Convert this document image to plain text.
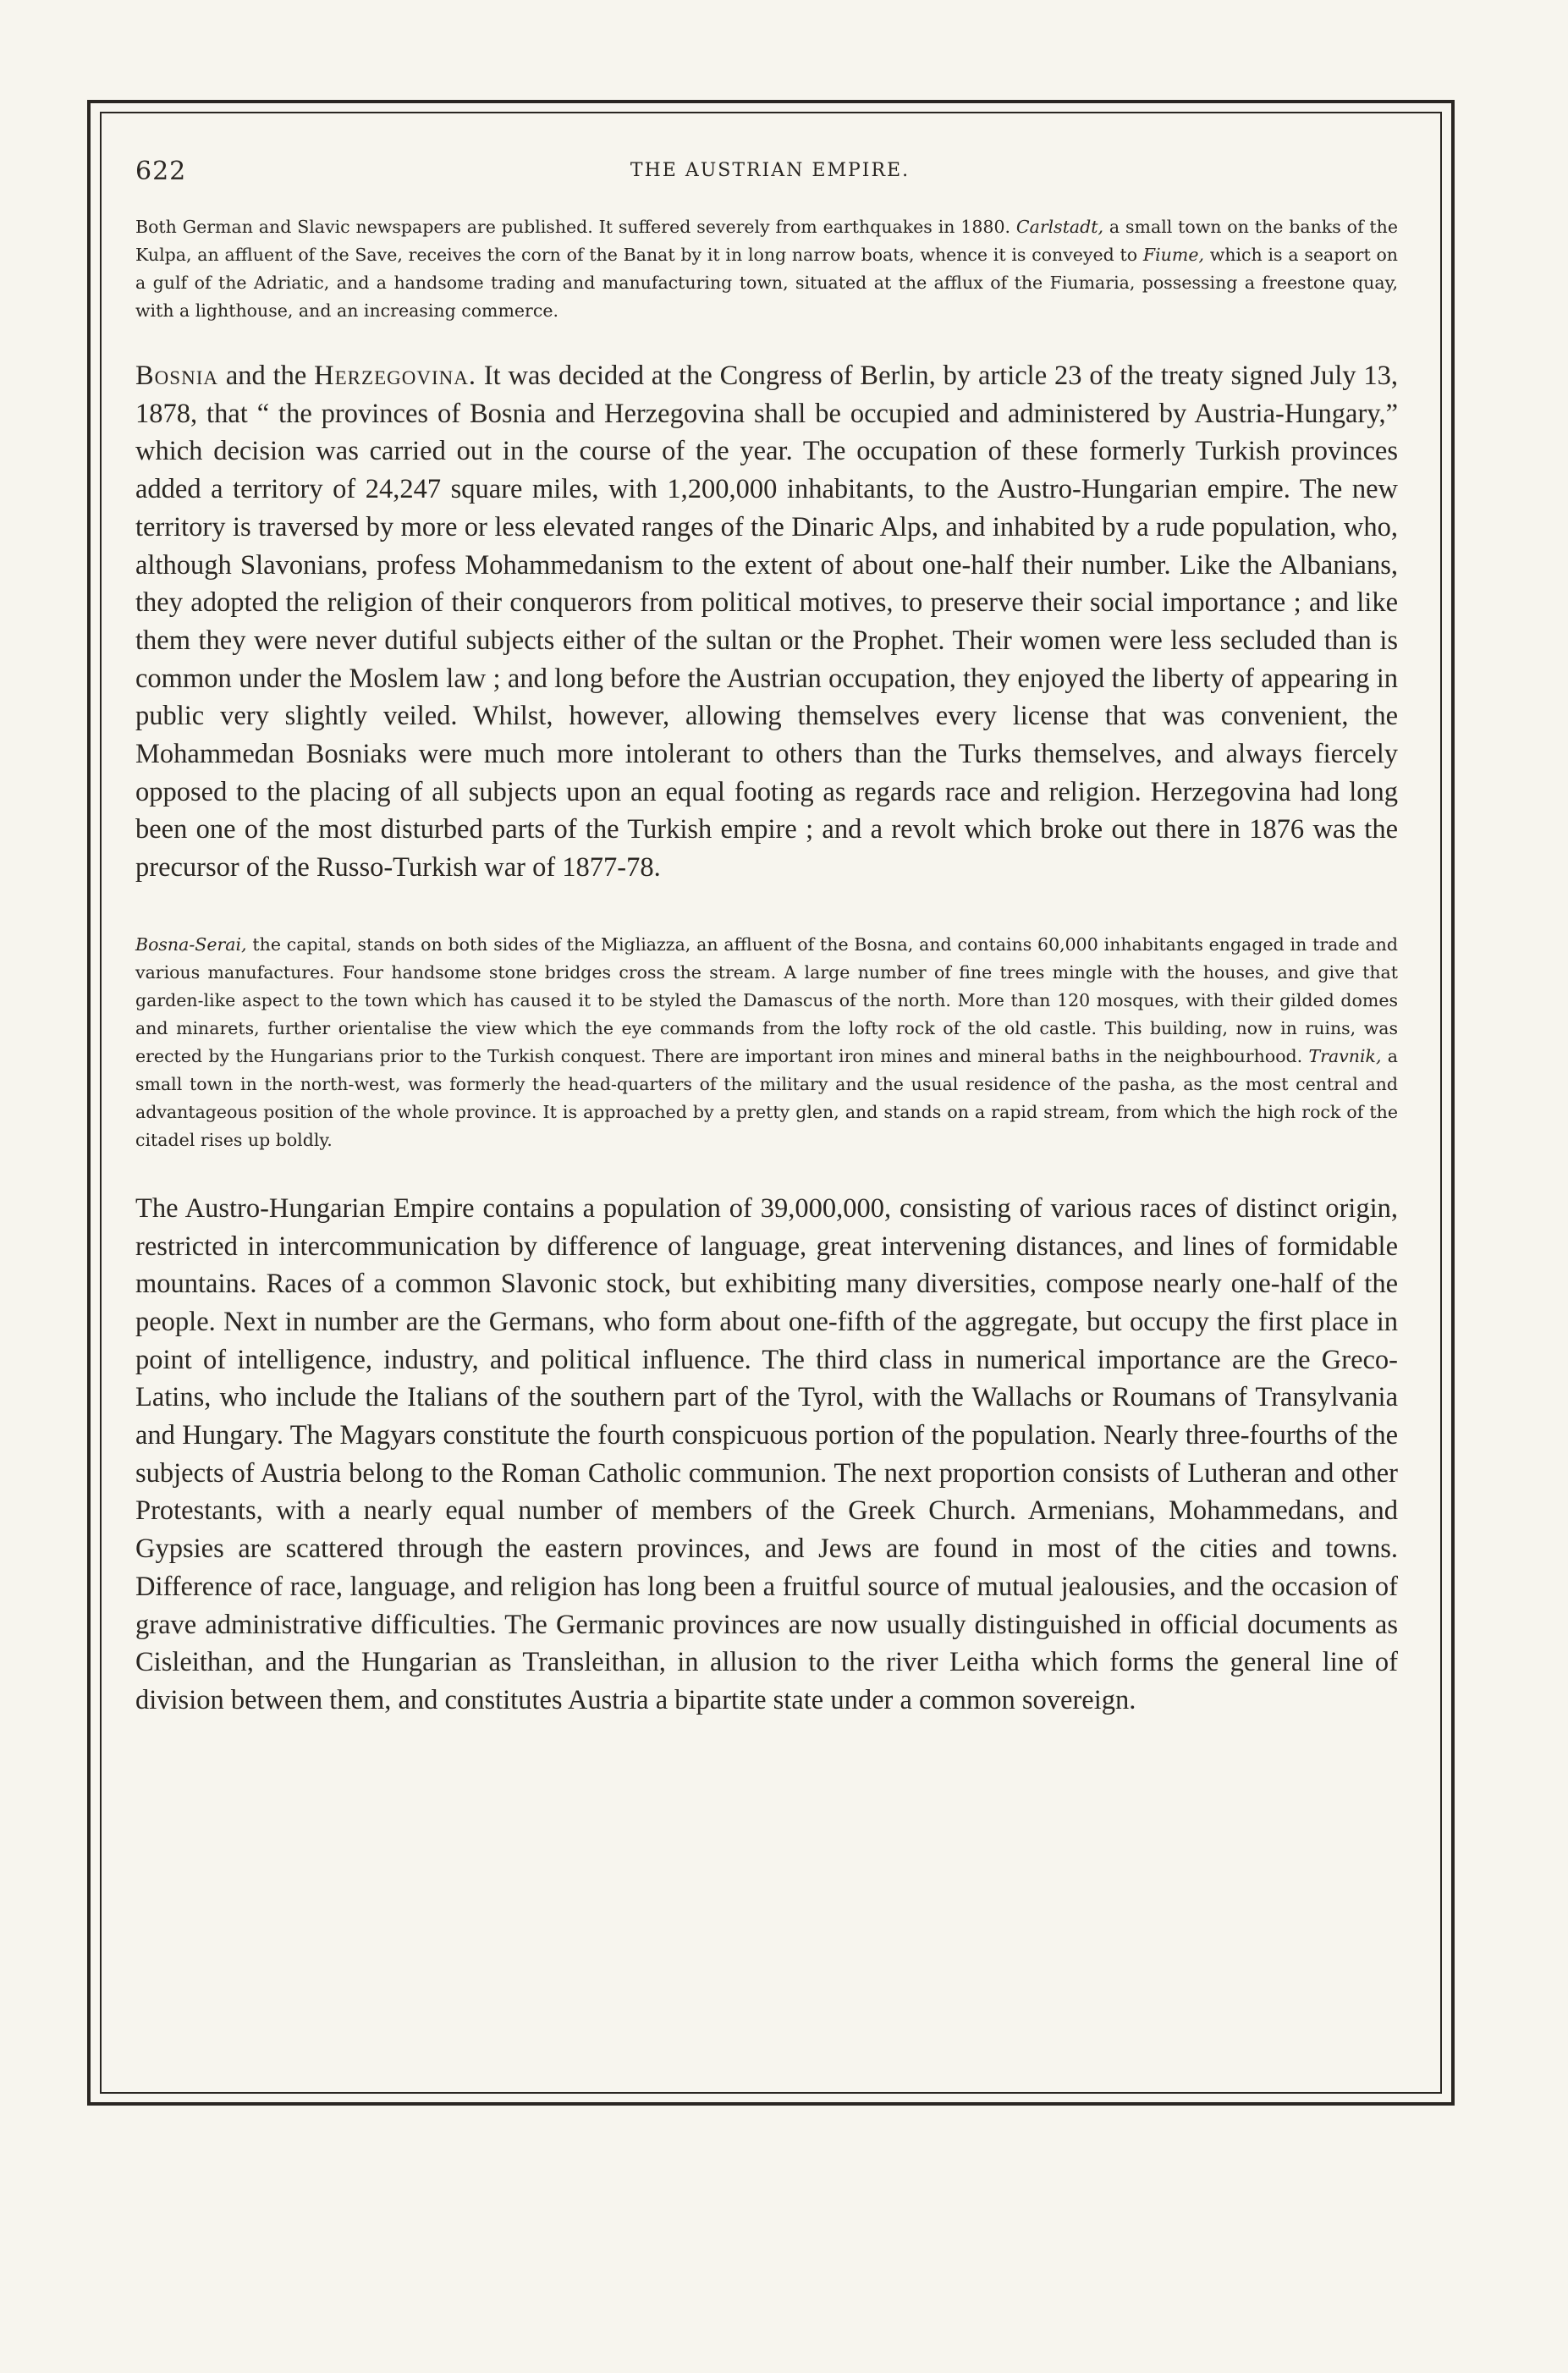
622	THE AUSTRIAN EMPIRE.

Both German and Slavic newspapers are published. It suffered severely from earthquakes in 1880. Carlstadt, a small town on the banks of the Kulpa, an affluent of the Save, receives the corn of the Banat by it in long narrow boats, whence it is conveyed to Fiume, which is a seaport on a gulf of the Adriatic, and a handsome trading and manufacturing town, situated at the afflux of the Fiumaria, possessing a freestone quay, with a lighthouse, and an increasing commerce.

Bosnia and the Herzegovina. It was decided at the Congress of Berlin, by article 23 of the treaty signed July 13, 1878, that “ the provinces of Bosnia and Herzegovina shall be occupied and administered by Austria-Hungary,” which decision was carried out in the course of the year. The occupation of these formerly Turkish provinces added a territory of 24,247 square miles, with 1,200,000 inhabitants, to the Austro-Hungarian empire. The new territory is traversed by more or less elevated ranges of the Dinaric Alps, and inhabited by a rude population, who, although Slavonians, profess Mohammedanism to the extent of about one-half their number. Like the Albanians, they adopted the religion of their conquerors from political motives, to preserve their social importance ; and like them they were never dutiful subjects either of the sultan or the Prophet. Their women were less secluded than is common under the Moslem law ; and long before the Austrian occupation, they enjoyed the liberty of appearing in public very slightly veiled. Whilst, however, allowing themselves every license that was convenient, the Mohammedan Bosniaks were much more intolerant to others than the Turks themselves, and always fiercely opposed to the placing of all subjects upon an equal footing as regards race and religion. Herzegovina had long been one of the most disturbed parts of the Turkish empire ; and a revolt which broke out there in 1876 was the precursor of the Russo-Turkish war of 1877-78.

Bosna-Serai, the capital, stands on both sides of the Migliazza, an affluent of the Bosna, and contains 60,000 inhabitants engaged in trade and various manufactures. Four handsome stone bridges cross the stream. A large number of fine trees mingle with the houses, and give that garden-like aspect to the town which has caused it to be styled the Damascus of the north. More than 120 mosques, with their gilded domes and minarets, further orientalise the view which the eye commands from the lofty rock of the old castle. This building, now in ruins, was erected by the Hungarians prior to the Turkish conquest. There are important iron mines and mineral baths in the neighbourhood. Travnik, a small town in the north-west, was formerly the head-quarters of the military and the usual residence of the pasha, as the most central and advantageous position of the whole province. It is approached by a pretty glen, and stands on a rapid stream, from which the high rock of the citadel rises up boldly.

The Austro-Hungarian Empire contains a population of 39,000,000, consisting of various races of distinct origin, restricted in intercommunication by difference of language, great intervening distances, and lines of formidable mountains. Races of a common Slavonic stock, but exhibiting many diversities, compose nearly one-half of the people. Next in number are the Germans, who form about one-fifth of the aggregate, but occupy the first place in point of intelligence, industry, and political influence. The third class in numerical importance are the Greco-Latins, who include the Italians of the southern part of the Tyrol, with the Wallachs or Roumans of Transylvania and Hungary. The Magyars constitute the fourth conspicuous portion of the population. Nearly three-fourths of the subjects of Austria belong to the Roman Catholic communion. The next proportion consists of Lutheran and other Protestants, with a nearly equal number of members of the Greek Church. Armenians, Mohammedans, and Gypsies are scattered through the eastern provinces, and Jews are found in most of the cities and towns. Difference of race, language, and religion has long been a fruitful source of mutual jealousies, and the occasion of grave administrative difficulties. The Germanic provinces are now usually distinguished in official documents as Cisleithan, and the Hungarian as Transleithan, in allusion to the river Leitha which forms the general line of division between them, and constitutes Austria a bipartite state under a common sovereign.
